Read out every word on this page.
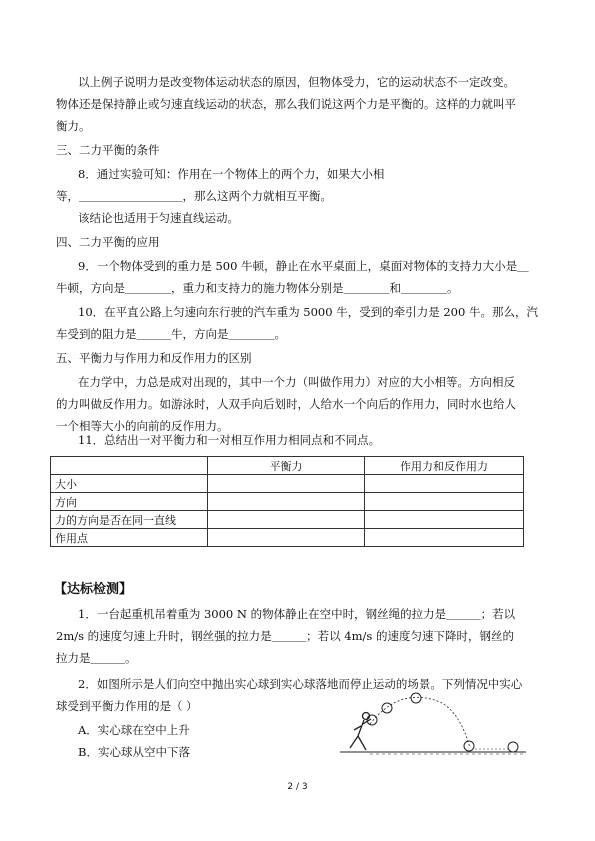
以上例子说明力是改变物体运动状态的原因，但物体受力，它的运动状态不一定改变。
物体还是保持静止或匀速直线运动的状态，那么我们说这两个力是平衡的。这样的力就叫平
衡力。
三、二力平衡的条件
8．通过实验可知：作用在一个物体上的两个力，如果大小相
等，＿＿＿＿＿＿＿＿＿，那么这两个力就相互平衡。
该结论也适用于匀速直线运动。
四、二力平衡的应用
9．一个物体受到的重力是 500 牛顿，静止在水平桌面上，桌面对物体的支持力大小是＿
牛顿，方向是＿＿＿＿，重力和支持力的施力物体分别是＿＿＿＿和＿＿＿＿。
10．在平直公路上匀速向东行驶的汽车重为 5000 牛，受到的牵引力是 200 牛。那么，汽
车受到的阻力是＿＿＿牛，方向是＿＿＿＿。
五、平衡力与作用力和反作用力的区别
在力学中，力总是成对出现的，其中一个力（叫做作用力）对应的大小相等。方向相反
的力叫做反作用力。如游泳时，人双手向后划时，人给水一个向后的作用力，同时水也给人
一个相等大小的向前的反作用力。
11．总结出一对平衡力和一对相互作用力相同点和不同点。
	平衡力	作用力和反作用力
大小		
方向		
力的方向是否在同一直线		
作用点		
【达标检测】
1．一台起重机吊着重为 3000 N 的物体静止在空中时，钢丝绳的拉力是＿＿＿；若以
2m/s 的速度匀速上升时，钢丝强的拉力是＿＿＿；若以 4m/s 的速度匀速下降时，钢丝的
拉力是＿＿＿。
2．如图所示是人们向空中抛出实心球到实心球落地而停止运动的场景。下列情况中实心
球受到平衡力作用的是（ ）
A．实心球在空中上升
B．实心球从空中下落
2 / 3
